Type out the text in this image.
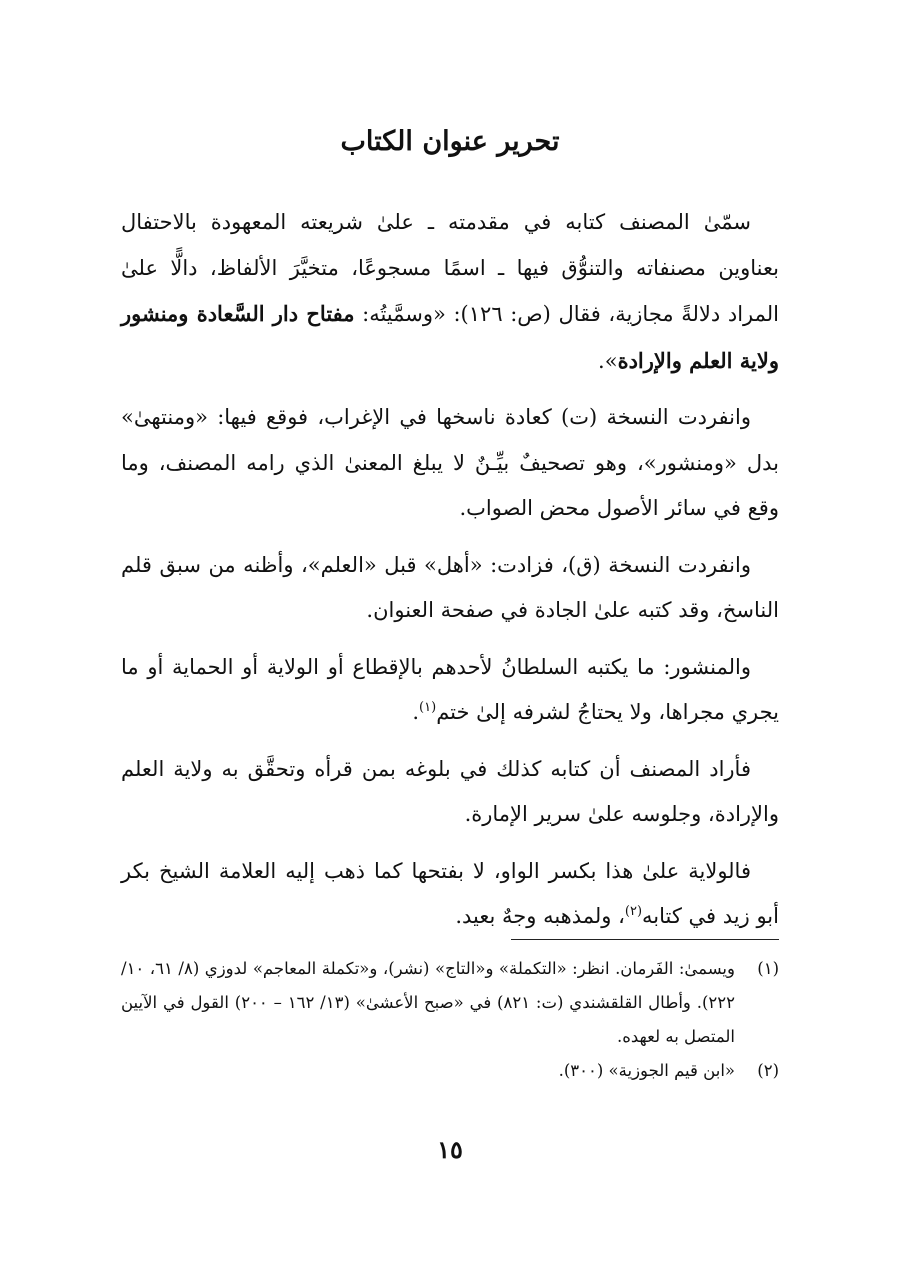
تحرير عنوان الكتاب

سمّىٰ المصنف كتابه في مقدمته ـ علىٰ شريعته المعهودة بالاحتفال بعناوين مصنفاته والتنوُّق فيها ـ اسمًا مسجوعًا، متخيَّرَ الألفاظ، دالًّا علىٰ المراد دلالةً مجازية، فقال (ص: ١٢٦): «وسمَّيتُه: مفتاح دار السَّعادة ومنشور ولاية العلم والإرادة».

وانفردت النسخة (ت) كعادة ناسخها في الإغراب، فوقع فيها: «ومنتهىٰ» بدل «ومنشور»، وهو تصحيفٌ بيِّـنٌ لا يبلغ المعنىٰ الذي رامه المصنف، وما وقع في سائر الأصول محض الصواب.

وانفردت النسخة (ق)، فزادت: «أهل» قبل «العلم»، وأظنه من سبق قلم الناسخ، وقد كتبه علىٰ الجادة في صفحة العنوان.

والمنشور: ما يكتبه السلطانُ لأحدهم بالإقطاع أو الولاية أو الحماية أو ما يجري مجراها، ولا يحتاجُ لشرفه إلىٰ ختم$^{(١)}$.

فأراد المصنف أن كتابه كذلك في بلوغه بمن قرأه وتحقَّق به ولاية العلم والإرادة، وجلوسه علىٰ سرير الإمارة.

فالولاية علىٰ هذا بكسر الواو، لا بفتحها كما ذهب إليه العلامة الشيخ بكر أبو زيد في كتابه$^{(٢)}$، ولمذهبه وجهٌ بعيد.

(١)
ويسمىٰ: الفَرمان. انظر: «التكملة» و«التاج» (نشر)، و«تكملة المعاجم» لدوزي (٨/ ٦١، ١٠/ ٢٢٢). وأطال القلقشندي (ت: ٨٢١) في «صبح الأعشىٰ» (١٣/ ١٦٢ – ٢٠٠) القول في الآيين المتصل به لعهده.

(٢)
«ابن قيم الجوزية» (٣٠٠).

١٥
